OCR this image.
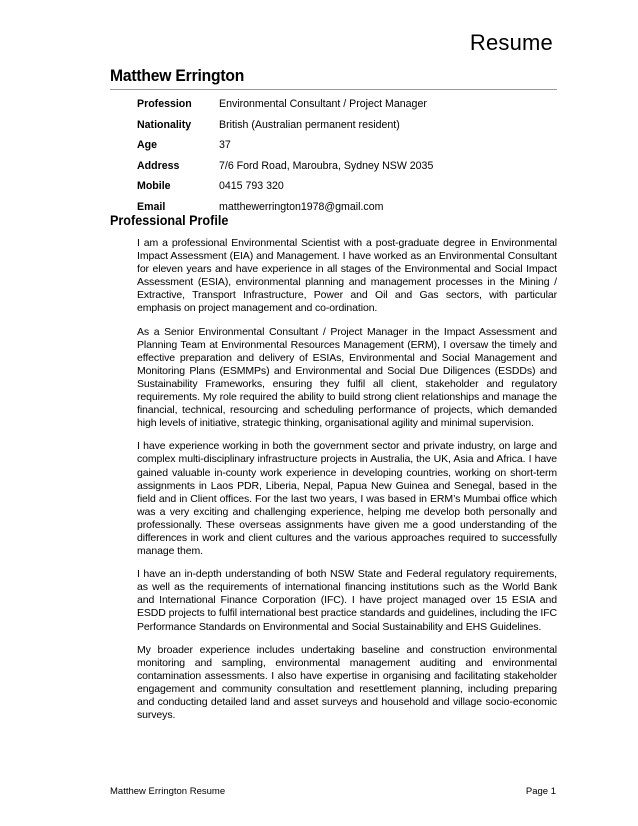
Resume
Matthew Errington
Profession	Environmental Consultant / Project Manager
Nationality	British (Australian permanent resident)
Age	37
Address	7/6 Ford Road, Maroubra, Sydney NSW 2035
Mobile	0415 793 320
Email	matthewerrington1978@gmail.com
Professional Profile

I am a professional Environmental Scientist with a post-graduate degree in Environmental Impact Assessment (EIA) and Management. I have worked as an Environmental Consultant for eleven years and have experience in all stages of the Environmental and Social Impact Assessment (ESIA), environmental planning and management processes in the Mining / Extractive, Transport Infrastructure, Power and Oil and Gas sectors, with particular emphasis on project management and co-ordination.

As a Senior Environmental Consultant / Project Manager in the Impact Assessment and Planning Team at Environmental Resources Management (ERM), I oversaw the timely and effective preparation and delivery of ESIAs, Environmental and Social Management and Monitoring Plans (ESMMPs) and Environmental and Social Due Diligences (ESDDs) and Sustainability Frameworks, ensuring they fulfil all client, stakeholder and regulatory requirements. My role required the ability to build strong client relationships and manage the financial, technical, resourcing and scheduling performance of projects, which demanded high levels of initiative, strategic thinking, organisational agility and minimal supervision.

I have experience working in both the government sector and private industry, on large and complex multi-disciplinary infrastructure projects in Australia, the UK, Asia and Africa. I have gained valuable in-county work experience in developing countries, working on short-term assignments in Laos PDR, Liberia, Nepal, Papua New Guinea and Senegal, based in the field and in Client offices. For the last two years, I was based in ERM’s Mumbai office which was a very exciting and challenging experience, helping me develop both personally and professionally. These overseas assignments have given me a good understanding of the differences in work and client cultures and the various approaches required to successfully manage them.

I have an in-depth understanding of both NSW State and Federal regulatory requirements, as well as the requirements of international financing institutions such as the World Bank and International Finance Corporation (IFC). I have project managed over 15 ESIA and ESDD projects to fulfil international best practice standards and guidelines, including the IFC Performance Standards on Environmental and Social Sustainability and EHS Guidelines.

My broader experience includes undertaking baseline and construction environmental monitoring and sampling, environmental management auditing and environmental contamination assessments. I also have expertise in organising and facilitating stakeholder engagement and community consultation and resettlement planning, including preparing and conducting detailed land and asset surveys and household and village socio-economic surveys.

Matthew Errington Resume	Page 1
